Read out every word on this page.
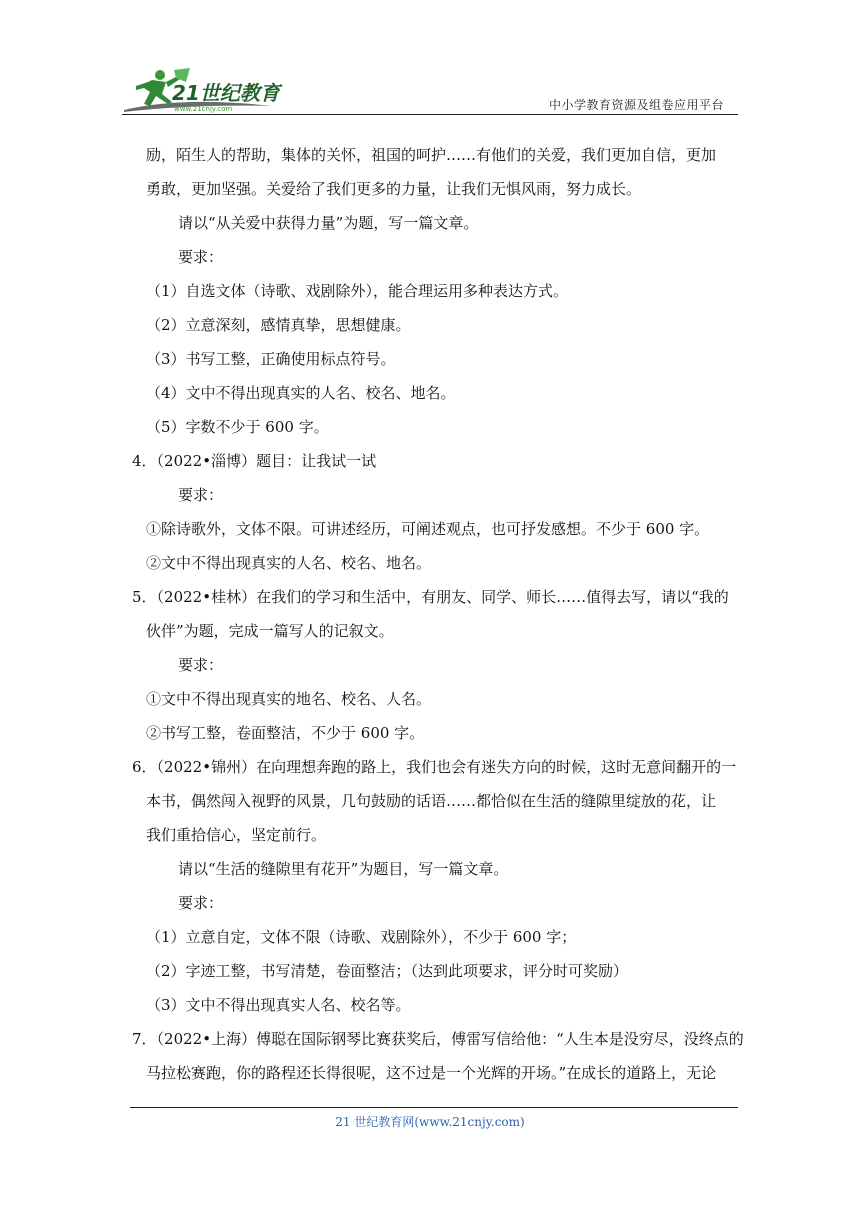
21世纪教育
www.21cnjy.com	中小学教育资源及组卷应用平台

励，陌生人的帮助，集体的关怀，祖国的呵护……有他们的关爱，我们更加自信，更加

勇敢，更加坚强。关爱给了我们更多的力量，让我们无惧风雨，努力成长。

请以“从关爱中获得力量”为题，写一篇文章。

要求：

（1）自选文体（诗歌、戏剧除外），能合理运用多种表达方式。

（2）立意深刻，感情真挚，思想健康。

（3）书写工整，正确使用标点符号。

（4）文中不得出现真实的人名、校名、地名。

（5）字数不少于 600 字。

4．（2022•淄博）题目：让我试一试

要求：

①除诗歌外，文体不限。可讲述经历，可阐述观点，也可抒发感想。不少于 600 字。

②文中不得出现真实的人名、校名、地名。

5．（2022•桂林）在我们的学习和生活中，有朋友、同学、师长……值得去写，请以“我的

伙伴”为题，完成一篇写人的记叙文。

要求：

①文中不得出现真实的地名、校名、人名。

②书写工整，卷面整洁，不少于 600 字。

6．（2022•锦州）在向理想奔跑的路上，我们也会有迷失方向的时候，这时无意间翻开的一

本书，偶然闯入视野的风景，几句鼓励的话语……都恰似在生活的缝隙里绽放的花，让

我们重拾信心，坚定前行。

请以“生活的缝隙里有花开”为题目，写一篇文章。

要求：

（1）立意自定，文体不限（诗歌、戏剧除外），不少于 600 字；

（2）字迹工整，书写清楚，卷面整洁；（达到此项要求，评分时可奖励）

（3）文中不得出现真实人名、校名等。

7．（2022•上海）傅聪在国际钢琴比赛获奖后，傅雷写信给他：“人生本是没穷尽，没终点的

马拉松赛跑，你的路程还长得很呢，这不过是一个光辉的开场。”在成长的道路上，无论

21 世纪教育网(www.21cnjy.com)
